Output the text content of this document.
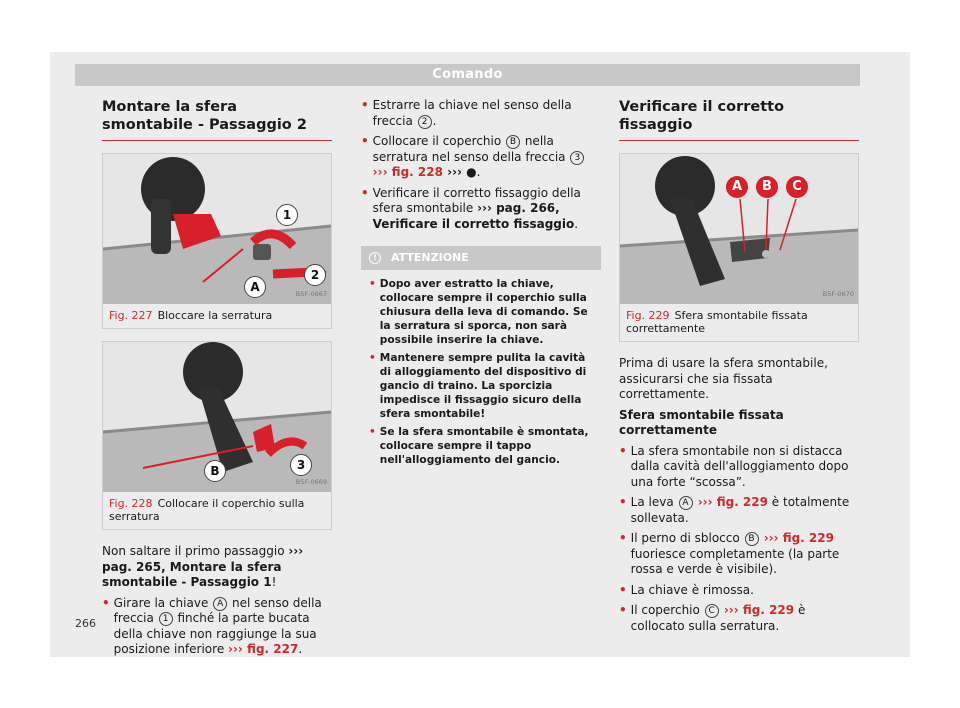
Comando
Montare la sfera smontabile - Passaggio 2
1
2
A	B5F-0667
Fig. 227 Bloccare la serratura
B	3
B5F-0669
Fig. 228 Collocare il coperchio sulla serratura

Non saltare il primo passaggio ››› pag. 265, Montare la sfera smontabile - Passaggio 1!

• Girare la chiave A nel senso della freccia 1 finché la parte bucata della chiave non raggiunge la sua posizione inferiore ››› fig. 227.
• Estrarre la chiave nel senso della freccia 2 .
• Collocare il coperchio B nella serratura nel senso della freccia 3 ››› fig. 228 ››› ●.
• Verificare il corretto fissaggio della sfera smontabile ››› pag. 266, Verificare il corretto fissaggio.
!	ATTENZIONE
• Dopo aver estratto la chiave, collocare sempre il coperchio sulla chiusura della leva di comando. Se la serratura si sporca, non sarà possibile inserire la chiave.
• Mantenere sempre pulita la cavità di alloggiamento del dispositivo di gancio di traino. La sporcizia impedisce il fissaggio sicuro della sfera smontabile!
• Se la sfera smontabile è smontata, collocare sempre il tappo nell'alloggiamento del gancio.
Verificare il corretto fissaggio
A	B	C
B5F-0670
Fig. 229 Sfera smontabile fissata correttamente

Prima di usare la sfera smontabile, assicurarsi che sia fissata correttamente.

Sfera smontabile fissata correttamente

• La sfera smontabile non si distacca dalla cavità dell'alloggiamento dopo una forte “scossa”.
• La leva A ››› fig. 229 è totalmente sollevata.
• Il perno di sblocco B ››› fig. 229 fuoriesce completamente (la parte rossa e verde è visibile).
• La chiave è rimossa.
• Il coperchio C ››› fig. 229 è collocato sulla serratura.
266
